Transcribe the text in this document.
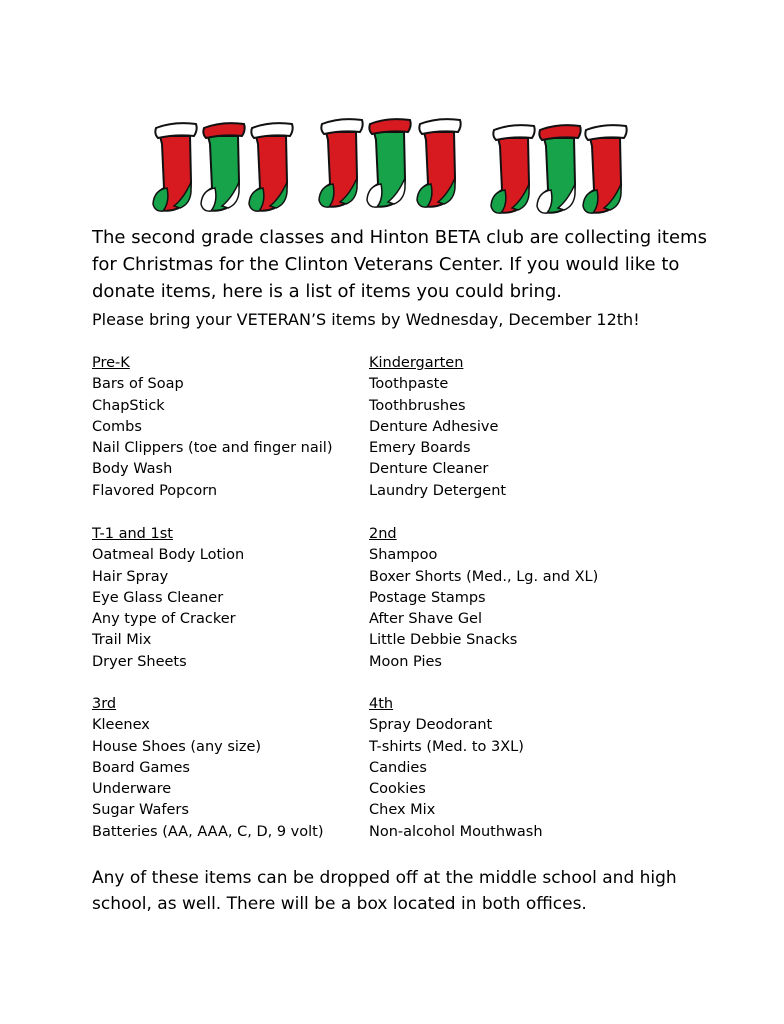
The second grade classes and Hinton BETA club are collecting items for Christmas for the Clinton Veterans Center. If you would like to donate items, here is a list of items you could bring.

Please bring your VETERAN’S items by Wednesday, December 12th!

Pre-K
Bars of Soap
ChapStick
Combs
Nail Clippers (toe and finger nail)
Body Wash
Flavored Popcorn
Kindergarten
Toothpaste
Toothbrushes
Denture Adhesive
Emery Boards
Denture Cleaner
Laundry Detergent
T-1 and 1st
Oatmeal Body Lotion
Hair Spray
Eye Glass Cleaner
Any type of Cracker
Trail Mix
Dryer Sheets
2nd
Shampoo
Boxer Shorts (Med., Lg. and XL)
Postage Stamps
After Shave Gel
Little Debbie Snacks
Moon Pies
3rd
Kleenex
House Shoes (any size)
Board Games
Underware
Sugar Wafers
Batteries (AA, AAA, C, D, 9 volt)
4th
Spray Deodorant
T-shirts (Med. to 3XL)
Candies
Cookies
Chex Mix
Non-alcohol Mouthwash

Any of these items can be dropped off at the middle school and high school, as well. There will be a box located in both offices.
